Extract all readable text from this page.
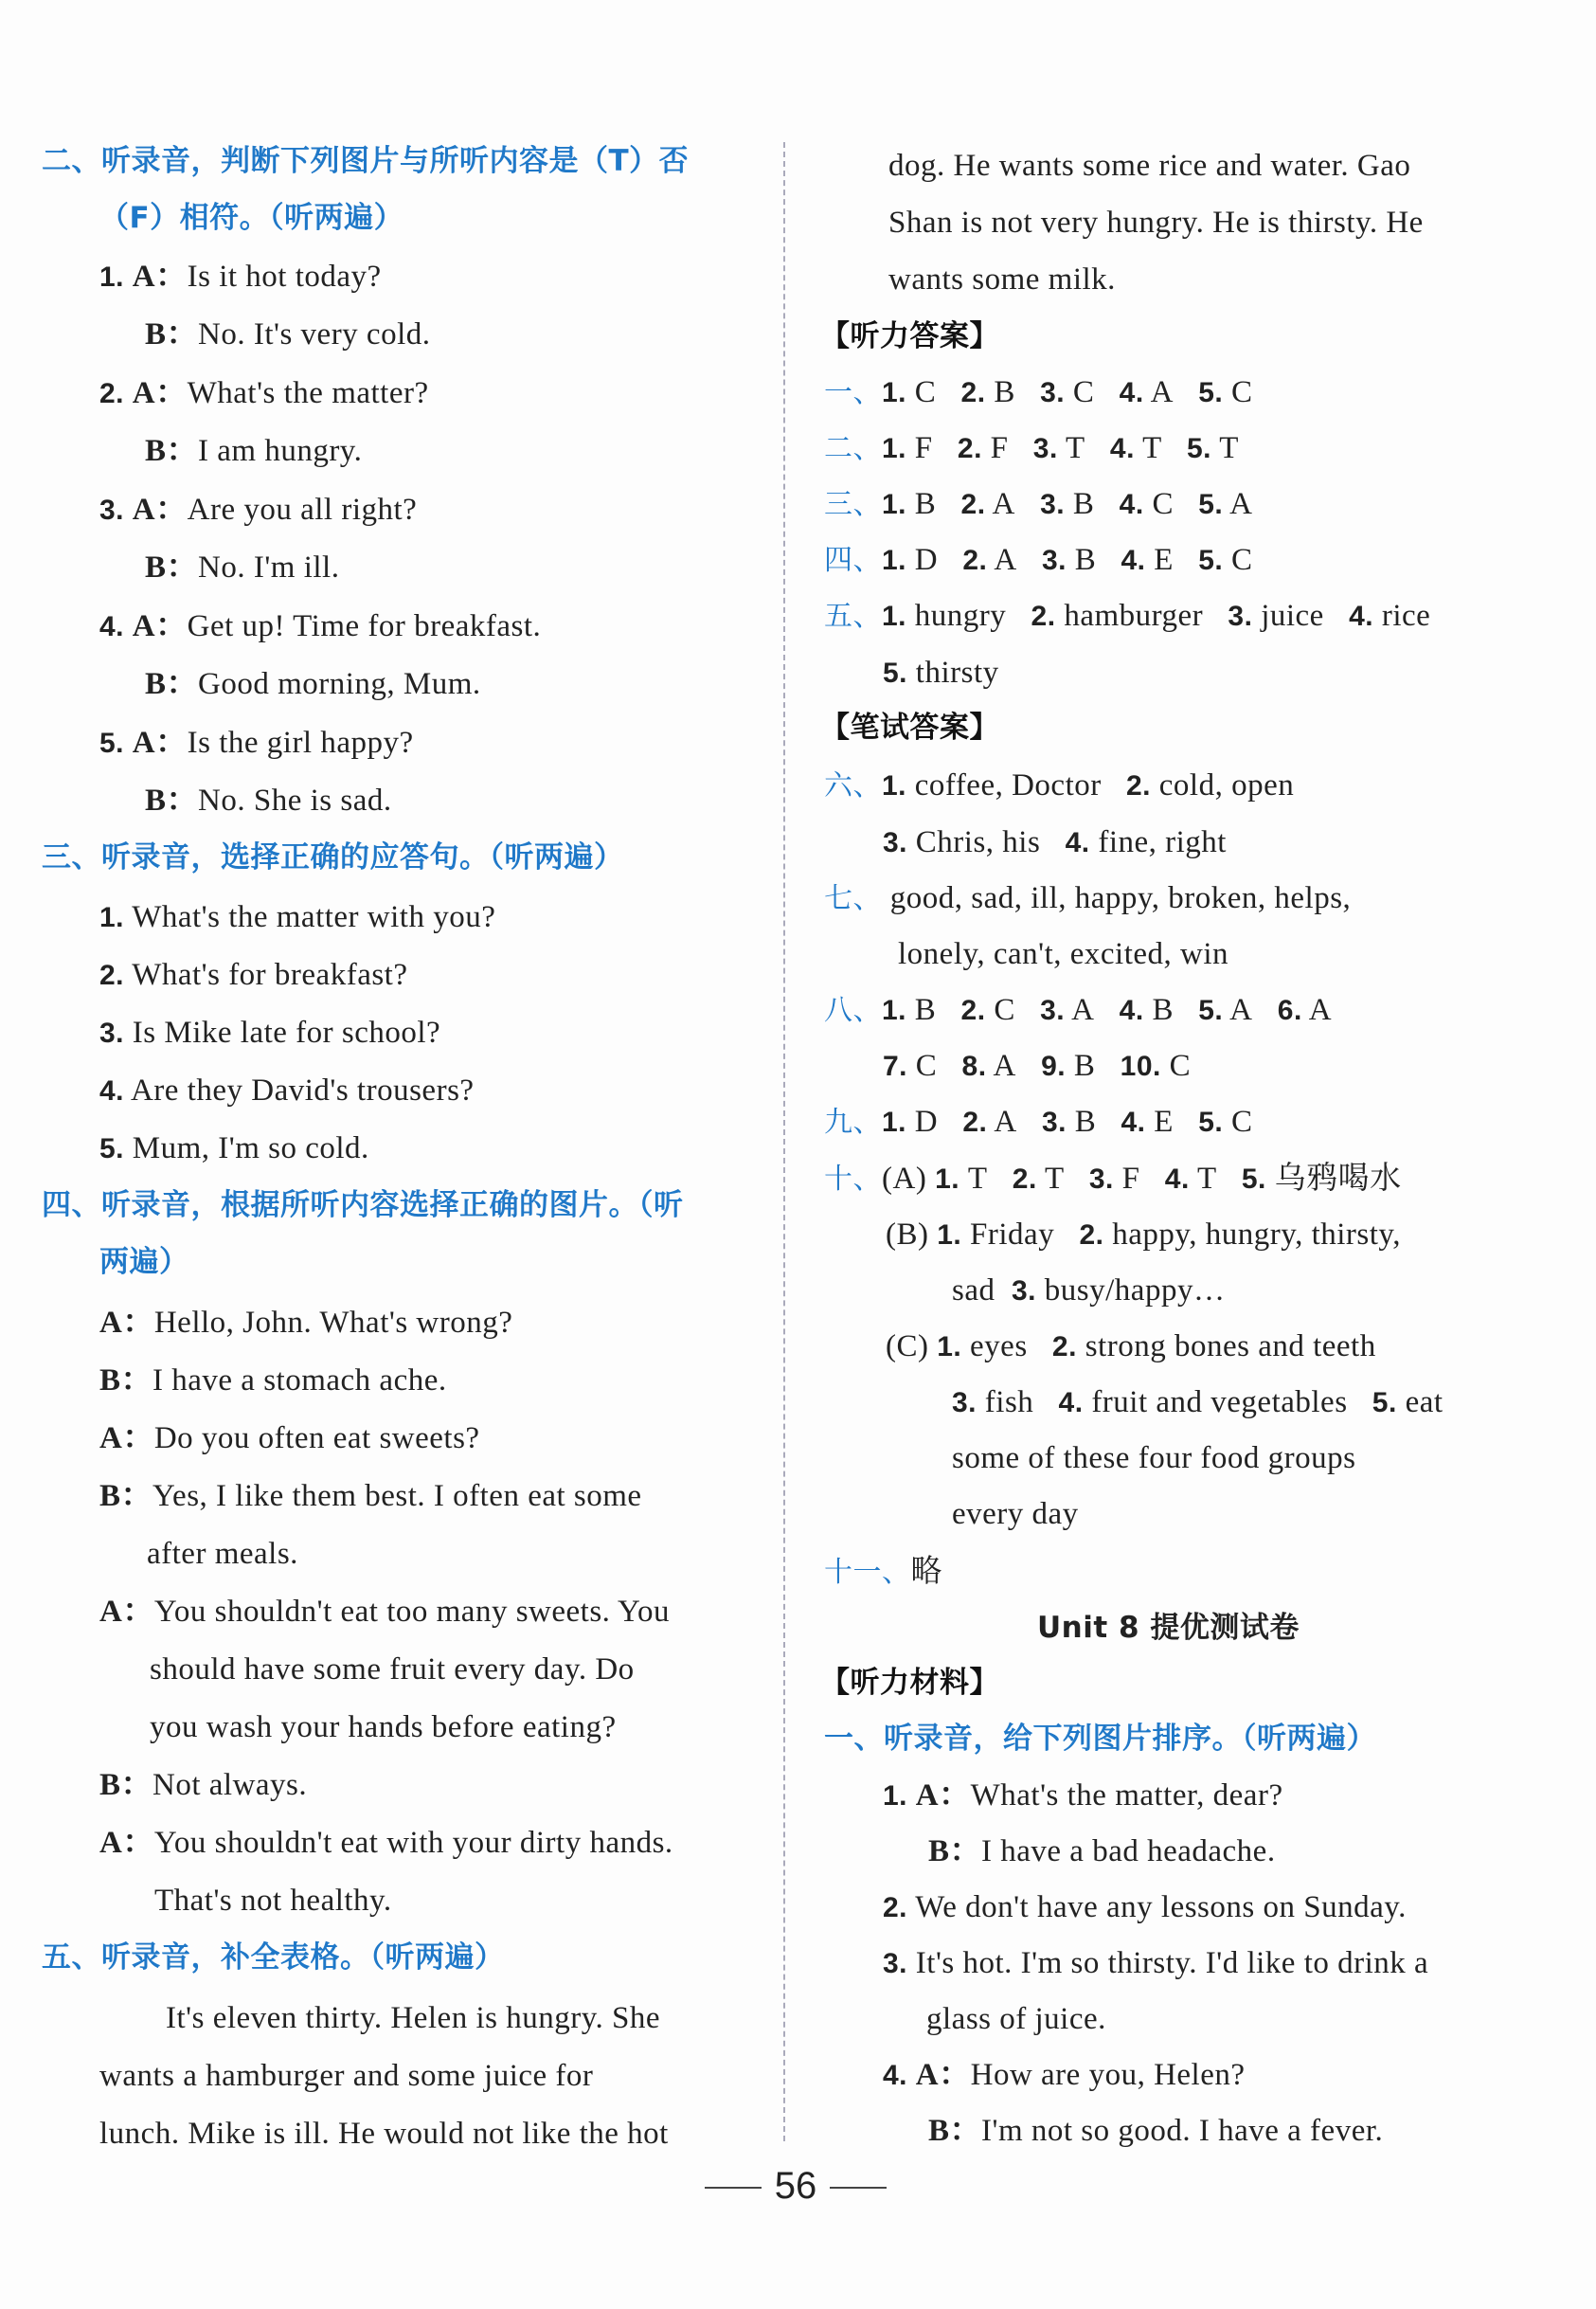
二、听录音，判断下列图片与所听内容是（T）否
（F）相符。（听两遍）
1. A：Is it hot today?
B：No. It's very cold.
2. A：What's the matter?
B：I am hungry.
3. A：Are you all right?
B：No. I'm ill.
4. A：Get up! Time for breakfast.
B：Good morning, Mum.
5. A：Is the girl happy?
B：No. She is sad.
三、听录音，选择正确的应答句。（听两遍）
1. What's the matter with you?
2. What's for breakfast?
3. Is Mike late for school?
4. Are they David's trousers?
5. Mum, I'm so cold.
四、听录音，根据所听内容选择正确的图片。（听
两遍）
A：Hello, John. What's wrong?
B：I have a stomach ache.
A：Do you often eat sweets?
B：Yes, I like them best. I often eat some
after meals.
A：You shouldn't eat too many sweets. You
should have some fruit every day. Do
you wash your hands before eating?
B：Not always.
A：You shouldn't eat with your dirty hands.
That's not healthy.
五、听录音，补全表格。（听两遍）
It's eleven thirty. Helen is hungry. She
wants a hamburger and some juice for
lunch. Mike is ill. He would not like the hot
dog. He wants some rice and water. Gao
Shan is not very hungry. He is thirsty. He
wants some milk.
【听力答案】
一、1. C 2. B 3. C 4. A 5. C
二、1. F 2. F 3. T 4. T 5. T
三、1. B 2. A 3. B 4. C 5. A
四、1. D 2. A 3. B 4. E 5. C
五、1. hungry 2. hamburger 3. juice 4. rice
5. thirsty
【笔试答案】
六、1. coffee, Doctor 2. cold, open
3. Chris, his 4. fine, right
七、 good, sad, ill, happy, broken, helps,
lonely, can't, excited, win
八、1. B 2. C 3. A 4. B 5. A 6. A
7. C 8. A 9. B 10. C
九、1. D 2. A 3. B 4. E 5. C
十、(A) 1. T 2. T 3. F 4. T 5. 乌鸦喝水
(B) 1. Friday 2. happy, hungry, thirsty,
sad 3. busy/happy…
(C) 1. eyes 2. strong bones and teeth
3. fish 4. fruit and vegetables 5. eat
some of these four food groups
every day
十一、略
Unit 8 提优测试卷
【听力材料】
一、听录音，给下列图片排序。（听两遍）
1. A：What's the matter, dear?
B：I have a bad headache.
2. We don't have any lessons on Sunday.
3. It's hot. I'm so thirsty. I'd like to drink a
glass of juice.
4. A：How are you, Helen?
B：I'm not so good. I have a fever.
56
